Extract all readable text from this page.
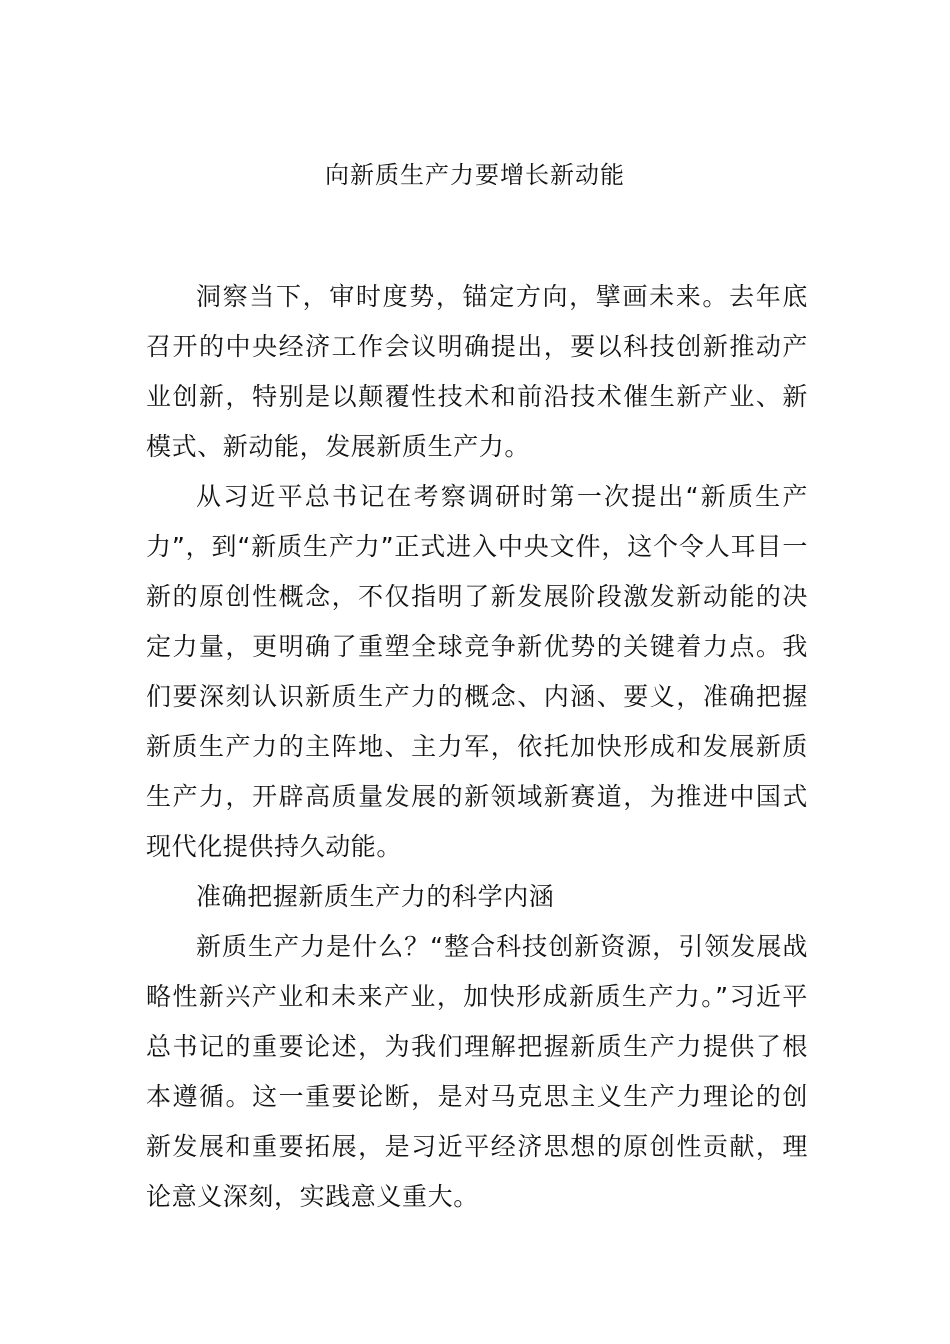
向新质生产力要增长新动能

洞察当下，审时度势，锚定方向，擘画未来。去年底召开的中央经济工作会议明确提出，要以科技创新推动产业创新，特别是以颠覆性技术和前沿技术催生新产业、新模式、新动能，发展新质生产力。

从习近平总书记在考察调研时第一次提出“新质生产力”，到“新质生产力”正式进入中央文件，这个令人耳目一新的原创性概念，不仅指明了新发展阶段激发新动能的决定力量，更明确了重塑全球竞争新优势的关键着力点。我们要深刻认识新质生产力的概念、内涵、要义，准确把握新质生产力的主阵地、主力军，依托加快形成和发展新质生产力，开辟高质量发展的新领域新赛道，为推进中国式现代化提供持久动能。

准确把握新质生产力的科学内涵

新质生产力是什么？“整合科技创新资源，引领发展战略性新兴产业和未来产业，加快形成新质生产力。”习近平总书记的重要论述，为我们理解把握新质生产力提供了根本遵循。这一重要论断，是对马克思主义生产力理论的创新发展和重要拓展，是习近平经济思想的原创性贡献，理论意义深刻，实践意义重大。
